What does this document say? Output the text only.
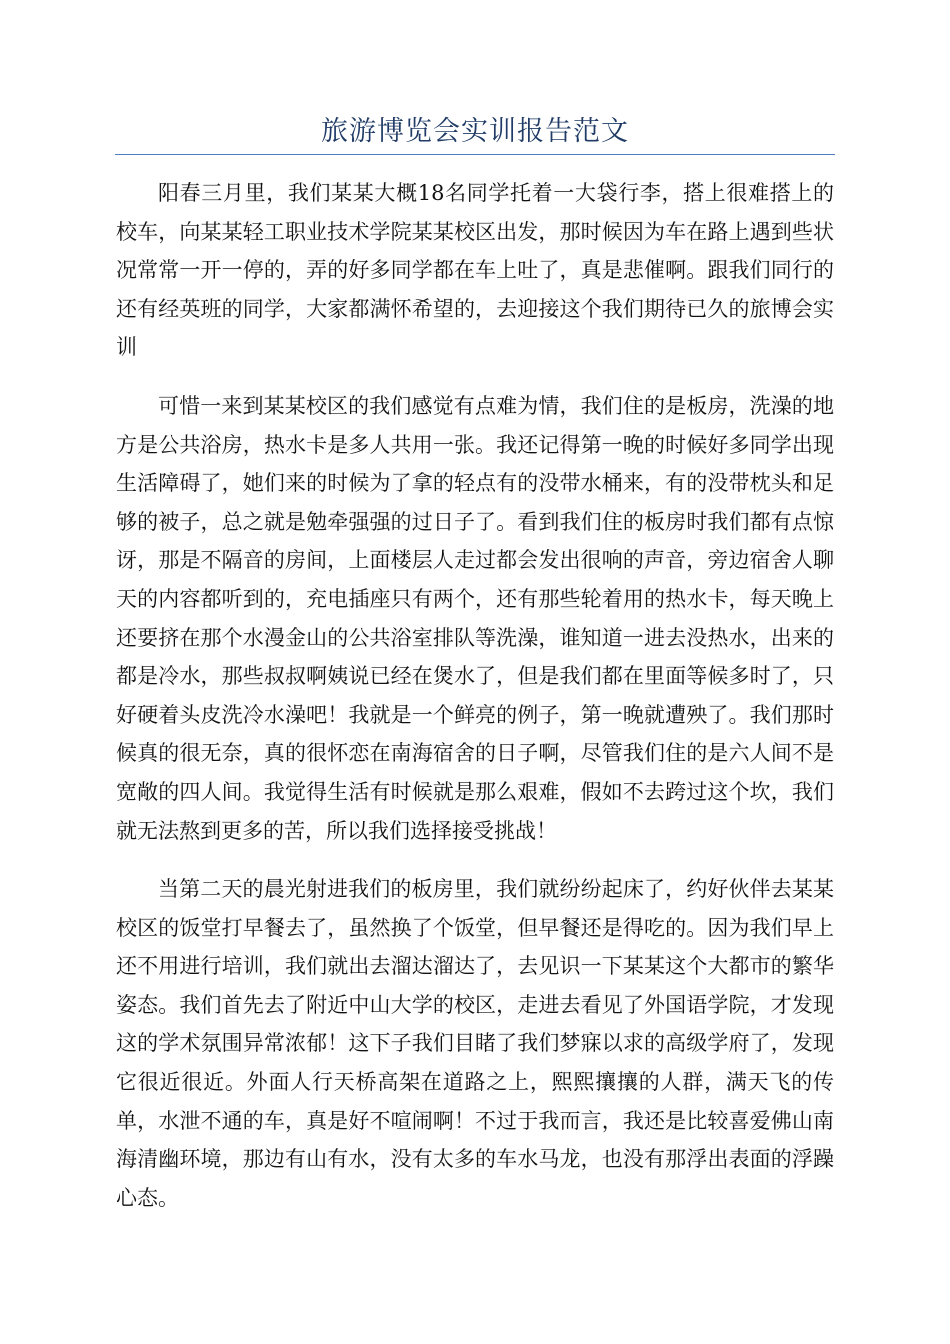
旅游博览会实训报告范文

阳春三月里，我们某某大概18名同学托着一大袋行李，搭上很难搭上的校车，向某某轻工职业技术学院某某校区出发，那时候因为车在路上遇到些状况常常一开一停的，弄的好多同学都在车上吐了，真是悲催啊。跟我们同行的还有经英班的同学，大家都满怀希望的，去迎接这个我们期待已久的旅博会实训

可惜一来到某某校区的我们感觉有点难为情，我们住的是板房，洗澡的地方是公共浴房，热水卡是多人共用一张。我还记得第一晚的时候好多同学出现生活障碍了，她们来的时候为了拿的轻点有的没带水桶来，有的没带枕头和足够的被子，总之就是勉牵强强的过日子了。看到我们住的板房时我们都有点惊讶，那是不隔音的房间，上面楼层人走过都会发出很响的声音，旁边宿舍人聊天的内容都听到的，充电插座只有两个，还有那些轮着用的热水卡，每天晚上还要挤在那个水漫金山的公共浴室排队等洗澡，谁知道一进去没热水，出来的都是冷水，那些叔叔啊姨说已经在煲水了，但是我们都在里面等候多时了，只好硬着头皮洗冷水澡吧！我就是一个鲜亮的例子，第一晚就遭殃了。我们那时候真的很无奈，真的很怀恋在南海宿舍的日子啊，尽管我们住的是六人间不是宽敞的四人间。我觉得生活有时候就是那么艰难，假如不去跨过这个坎，我们就无法熬到更多的苦，所以我们选择接受挑战！

当第二天的晨光射进我们的板房里，我们就纷纷起床了，约好伙伴去某某校区的饭堂打早餐去了，虽然换了个饭堂，但早餐还是得吃的。因为我们早上还不用进行培训，我们就出去溜达溜达了，去见识一下某某这个大都市的繁华姿态。我们首先去了附近中山大学的校区，走进去看见了外国语学院，才发现这的学术氛围异常浓郁！这下子我们目睹了我们梦寐以求的高级学府了，发现它很近很近。外面人行天桥高架在道路之上，熙熙攘攘的人群，满天飞的传单，水泄不通的车，真是好不喧闹啊！不过于我而言，我还是比较喜爱佛山南海清幽环境，那边有山有水，没有太多的车水马龙，也没有那浮出表面的浮躁心态。
